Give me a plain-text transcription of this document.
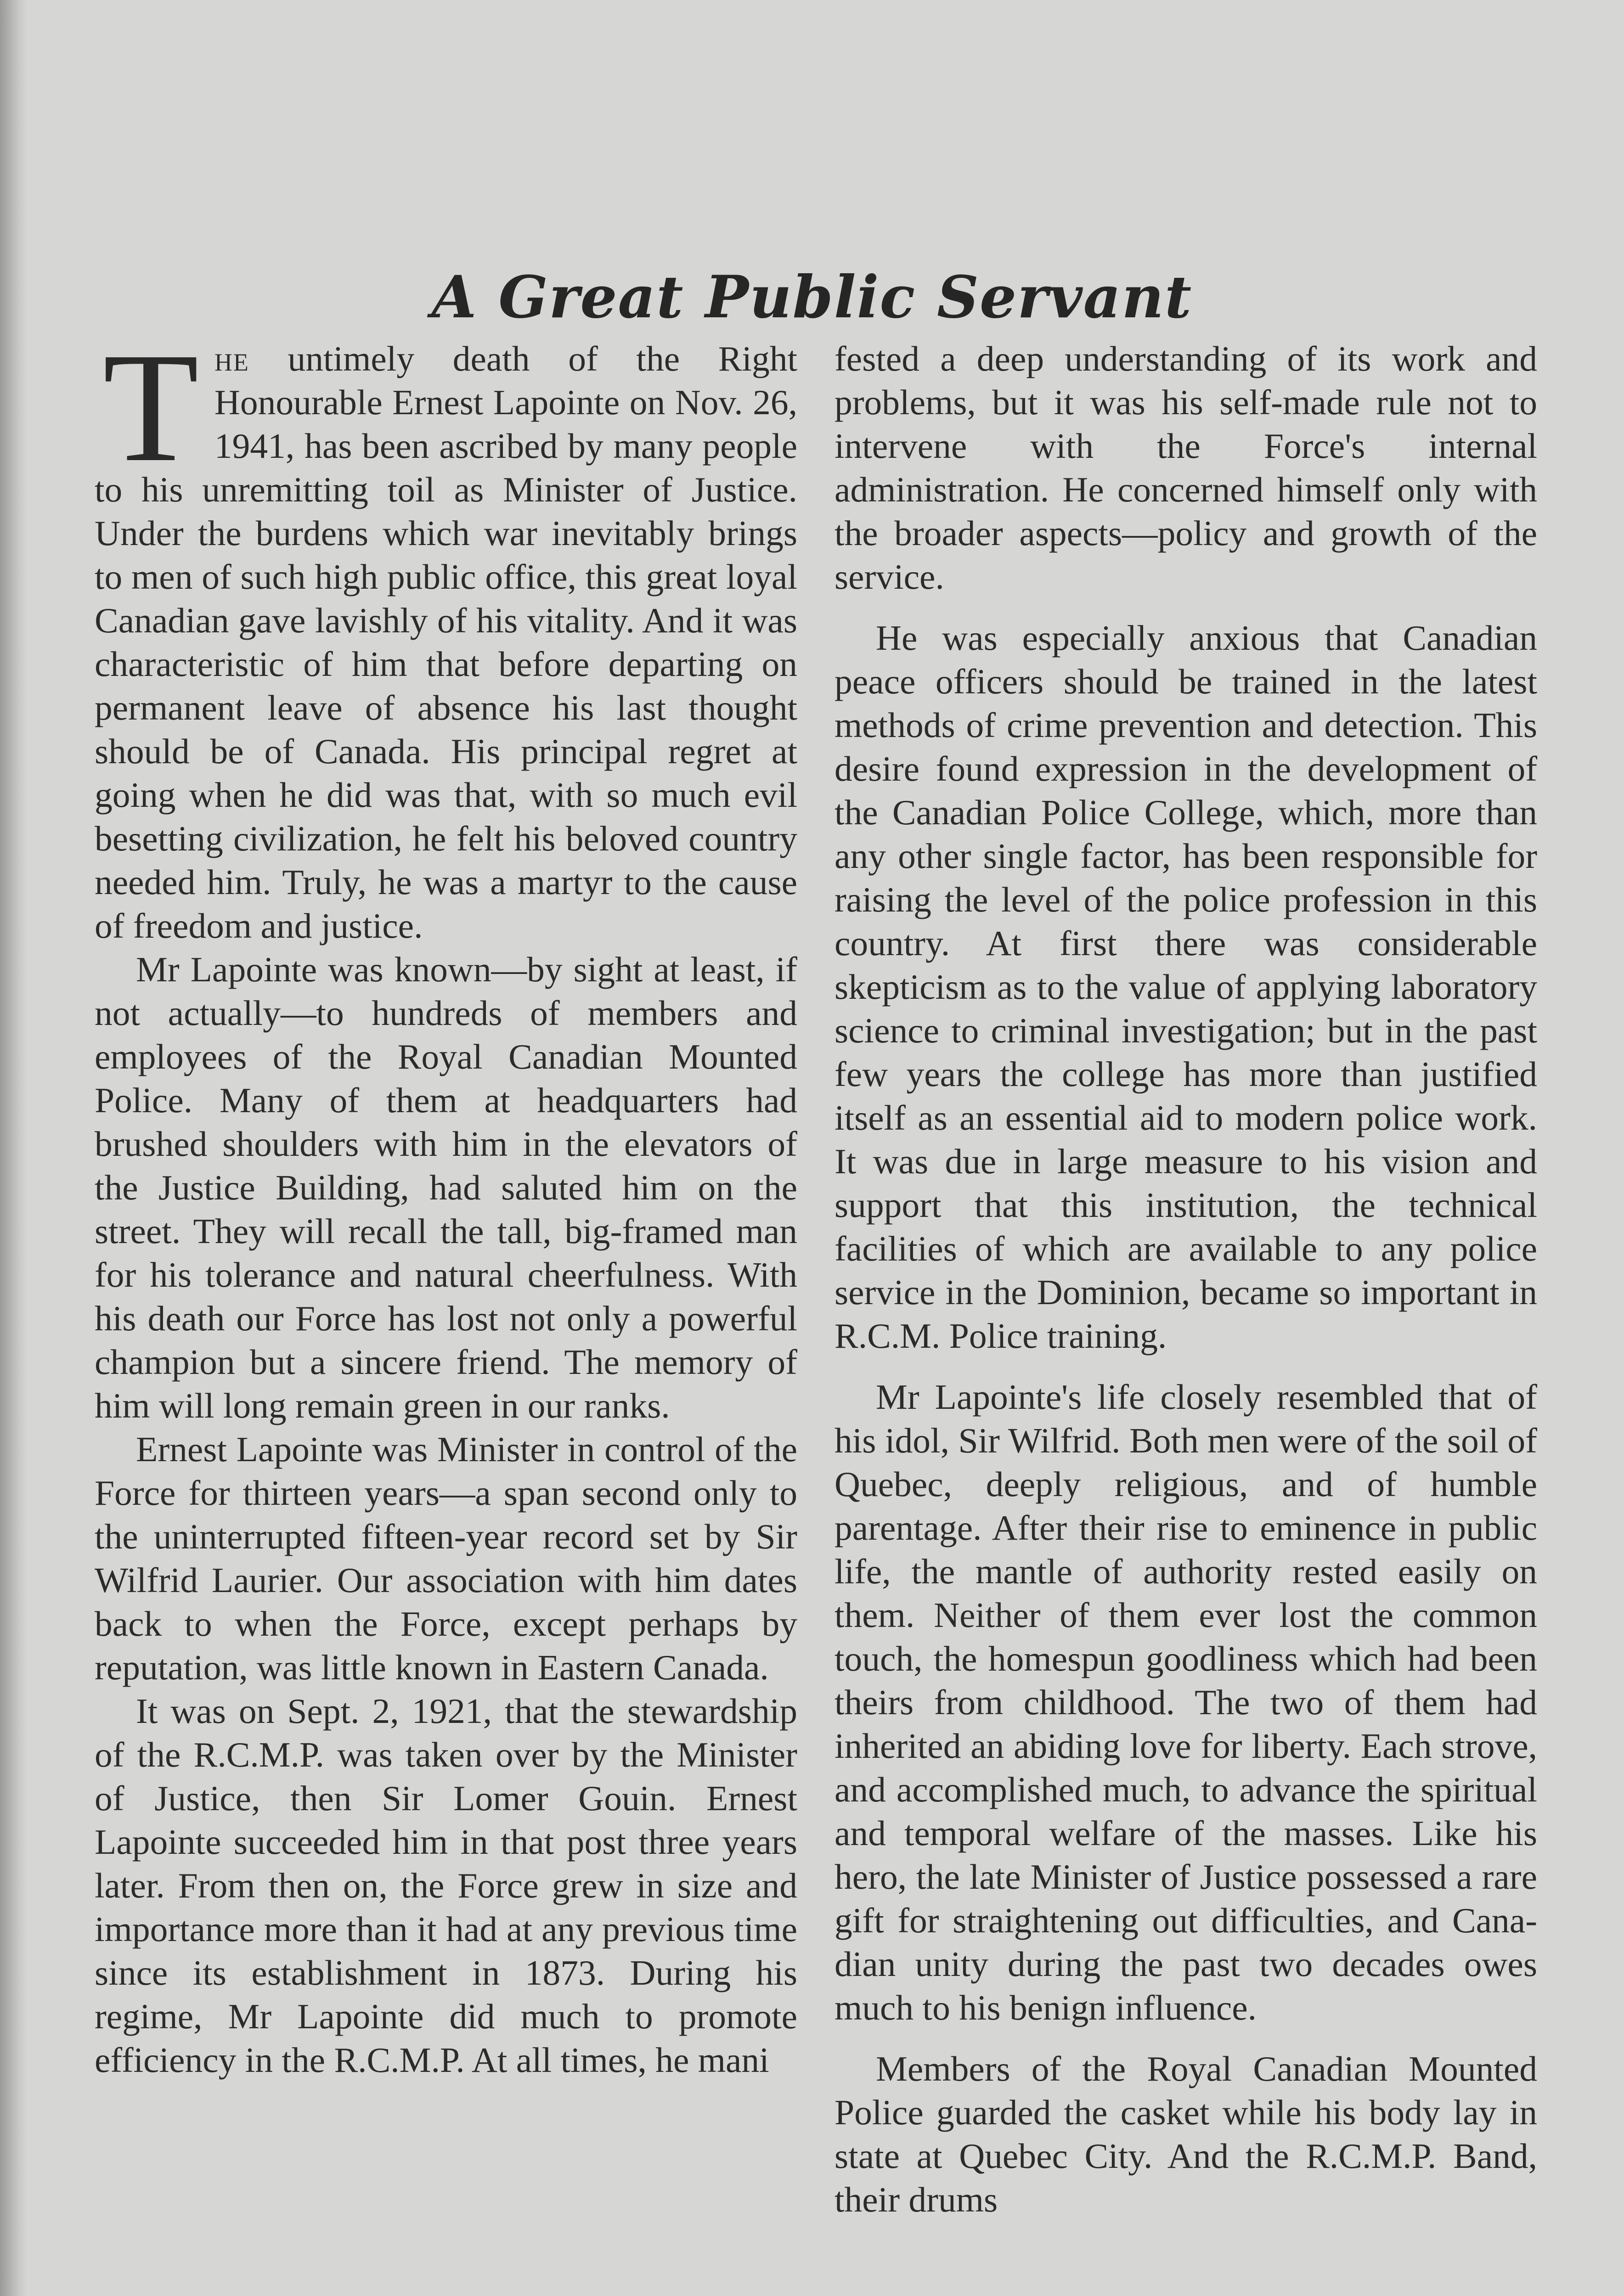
A Great Public Servant

The untimely death of the Right Honourable Ernest Lapointe on Nov. 26, 1941, has been ascribed by many people to his unremitting toil as Minister of Justice. Under the burdens which war inevitably brings to men of such high public office, this great loyal Canadian gave lavishly of his vitality. And it was characteristic of him that before departing on permanent leave of absence his last thought should be of Canada. His principal regret at going when he did was that, with so much evil besetting civilization, he felt his beloved country needed him. Truly, he was a martyr to the cause of freedom and justice.

Mr Lapointe was known—by sight at least, if not actually—to hundreds of members and employees of the Royal Canadian Mounted Police. Many of them at headquarters had brushed shoulders with him in the elevators of the Justice Building, had saluted him on the street. They will recall the tall, big-framed man for his tolerance and natural cheerfulness. With his death our Force has lost not only a powerful champion but a sincere friend. The memory of him will long remain green in our ranks.

Ernest Lapointe was Minister in control of the Force for thirteen years—a span second only to the uninterrupted fifteen-year record set by Sir Wilfrid Laurier. Our association with him dates back to when the Force, except perhaps by reputation, was little known in Eastern Canada.

It was on Sept. 2, 1921, that the stewardship of the R.C.M.P. was taken over by the Minister of Justice, then Sir Lomer Gouin. Ernest Lapointe succeeded him in that post three years later. From then on, the Force grew in size and importance more than it had at any previous time since its establishment in 1873. During his regime, Mr Lapointe did much to promote efficiency in the R.C.M.P. At all times, he mani

fested a deep understanding of its work and problems, but it was his self-made rule not to intervene with the Force's internal administration. He concerned himself only with the broader aspects—policy and growth of the service.

He was especially anxious that Canadian peace officers should be trained in the latest methods of crime prevention and detection. This desire found expression in the development of the Canadian Police College, which, more than any other single factor, has been responsible for raising the level of the police profession in this country. At first there was considerable skepticism as to the value of applying laboratory science to criminal investigation; but in the past few years the college has more than justified itself as an essential aid to modern police work. It was due in large measure to his vision and support that this institution, the technical facilities of which are available to any police service in the Dominion, became so important in R.C.M. Police training.

Mr Lapointe's life closely resembled that of his idol, Sir Wilfrid. Both men were of the soil of Quebec, deeply religious, and of humble parentage. After their rise to eminence in public life, the mantle of authority rested easily on them. Neither of them ever lost the common touch, the homespun goodliness which had been theirs from childhood. The two of them had inherited an abiding love for liberty. Each strove, and accomplished much, to advance the spiritual and temporal welfare of the masses. Like his hero, the late Minister of Justice possessed a rare gift for straightening out difficulties, and Canadian unity during the past two decades owes much to his benign influence.

Members of the Royal Canadian Mounted Police guarded the casket while his body lay in state at Quebec City. And the R.C.M.P. Band, their drums
